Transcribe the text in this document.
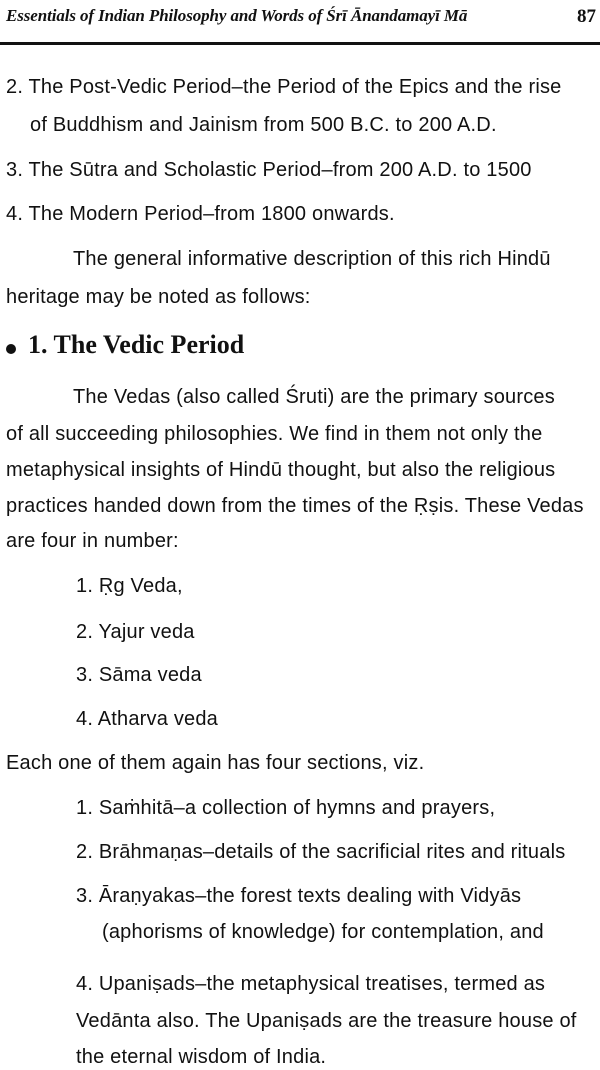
Essentials of Indian Philosophy and Words of Śrī Ānandamayī Mā	87
2. The Post-Vedic Period–the Period of the Epics and the rise
of Buddhism and Jainism from 500 B.C. to 200 A.D.
3. The Sūtra and Scholastic Period–from 200 A.D. to 1500
4. The Modern Period–from 1800 onwards.
The general informative description of this rich Hindū
heritage may be noted as follows:
1. The Vedic Period
The Vedas (also called Śruti) are the primary sources
of all succeeding philosophies. We find in them not only the
metaphysical insights of Hindū thought, but also the religious
practices handed down from the times of the Ṛṣis. These Vedas
are four in number:
1. Ṛg Veda,
2. Yajur veda
3. Sāma veda
4. Atharva veda
Each one of them again has four sections, viz.
1. Saṁhitā–a collection of hymns and prayers,
2. Brāhmaṇas–details of the sacrificial rites and rituals
3. Āraṇyakas–the forest texts dealing with Vidyās
(aphorisms of knowledge) for contemplation, and
4. Upaniṣads–the metaphysical treatises, termed as
Vedānta also. The Upaniṣads are the treasure house of
the eternal wisdom of India.
